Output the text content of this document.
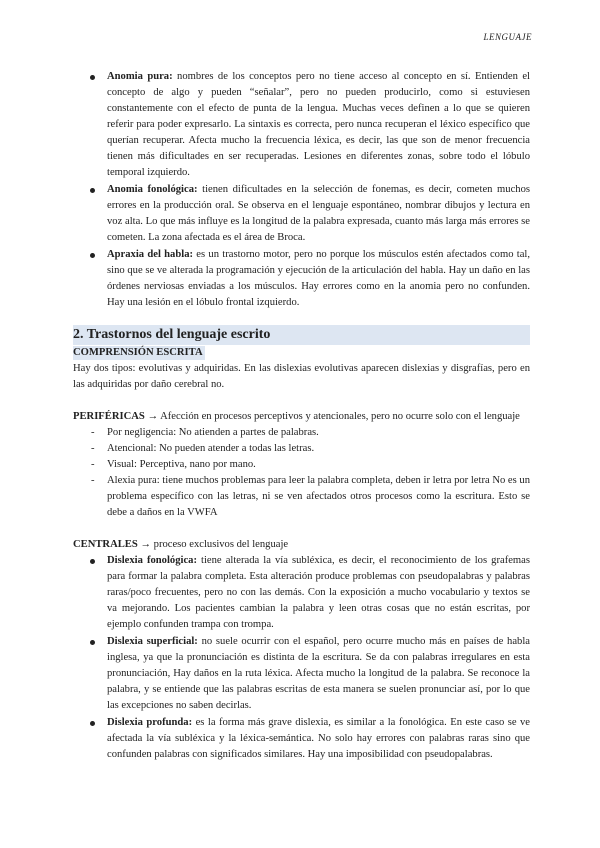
LENGUAJE
Anomia pura: nombres de los conceptos pero no tiene acceso al concepto en sí. Entienden el concepto de algo y pueden “señalar”, pero no pueden producirlo, como si estuviesen constantemente con el efecto de punta de la lengua. Muchas veces definen a lo que se quieren referir para poder expresarlo. La sintaxis es correcta, pero nunca recuperan el léxico específico que querían recuperar. Afecta mucho la frecuencia léxica, es decir, las que son de menor frecuencia tienen más dificultades en ser recuperadas. Lesiones en diferentes zonas, sobre todo el lóbulo temporal izquierdo.
Anomia fonológica: tienen dificultades en la selección de fonemas, es decir, cometen muchos errores en la producción oral. Se observa en el lenguaje espontáneo, nombrar dibujos y lectura en voz alta. Lo que más influye es la longitud de la palabra expresada, cuanto más larga más errores se cometen. La zona afectada es el área de Broca.
Apraxia del habla: es un trastorno motor, pero no porque los músculos estén afectados como tal, sino que se ve alterada la programación y ejecución de la articulación del habla. Hay un daño en las órdenes nerviosas enviadas a los músculos. Hay errores como en la anomia pero no confunden. Hay una lesión en el lóbulo frontal izquierdo.
2. Trastornos del lenguaje escrito
COMPRENSIÓN ESCRITA

Hay dos tipos: evolutivas y adquiridas. En las dislexias evolutivas aparecen dislexias y disgrafías, pero en las adquiridas por daño cerebral no.

PERIFÉRICAS → Afección en procesos perceptivos y atencionales, pero no ocurre solo con el lenguaje

- Por negligencia: No atienden a partes de palabras.
- Atencional: No pueden atender a todas las letras.
- Visual: Perceptiva, nano por mano.
- Alexia pura: tiene muchos problemas para leer la palabra completa, deben ir letra por letra No es un problema específico con las letras, ni se ven afectados otros procesos como la escritura. Esto se debe a daños en la VWFA

CENTRALES → proceso exclusivos del lenguaje

Dislexia fonológica: tiene alterada la vía subléxica, es decir, el reconocimiento de los grafemas para formar la palabra completa. Esta alteración produce problemas con pseudopalabras y palabras raras/poco frecuentes, pero no con las demás. Con la exposición a mucho vocabulario y textos se va mejorando. Los pacientes cambian la palabra y leen otras cosas que no están escritas, por ejemplo confunden trampa con trompa.
Dislexia superficial: no suele ocurrir con el español, pero ocurre mucho más en países de habla inglesa, ya que la pronunciación es distinta de la escritura. Se da con palabras irregulares en esta pronunciación, Hay daños en la ruta léxica. Afecta mucho la longitud de la palabra. Se reconoce la palabra, y se entiende que las palabras escritas de esta manera se suelen pronunciar así, por lo que las excepciones no saben decirlas.
Dislexia profunda: es la forma más grave dislexia, es similar a la fonológica. En este caso se ve afectada la vía subléxica y la léxica-semántica. No solo hay errores con palabras raras sino que confunden palabras con significados similares. Hay una imposibilidad con pseudopalabras.
